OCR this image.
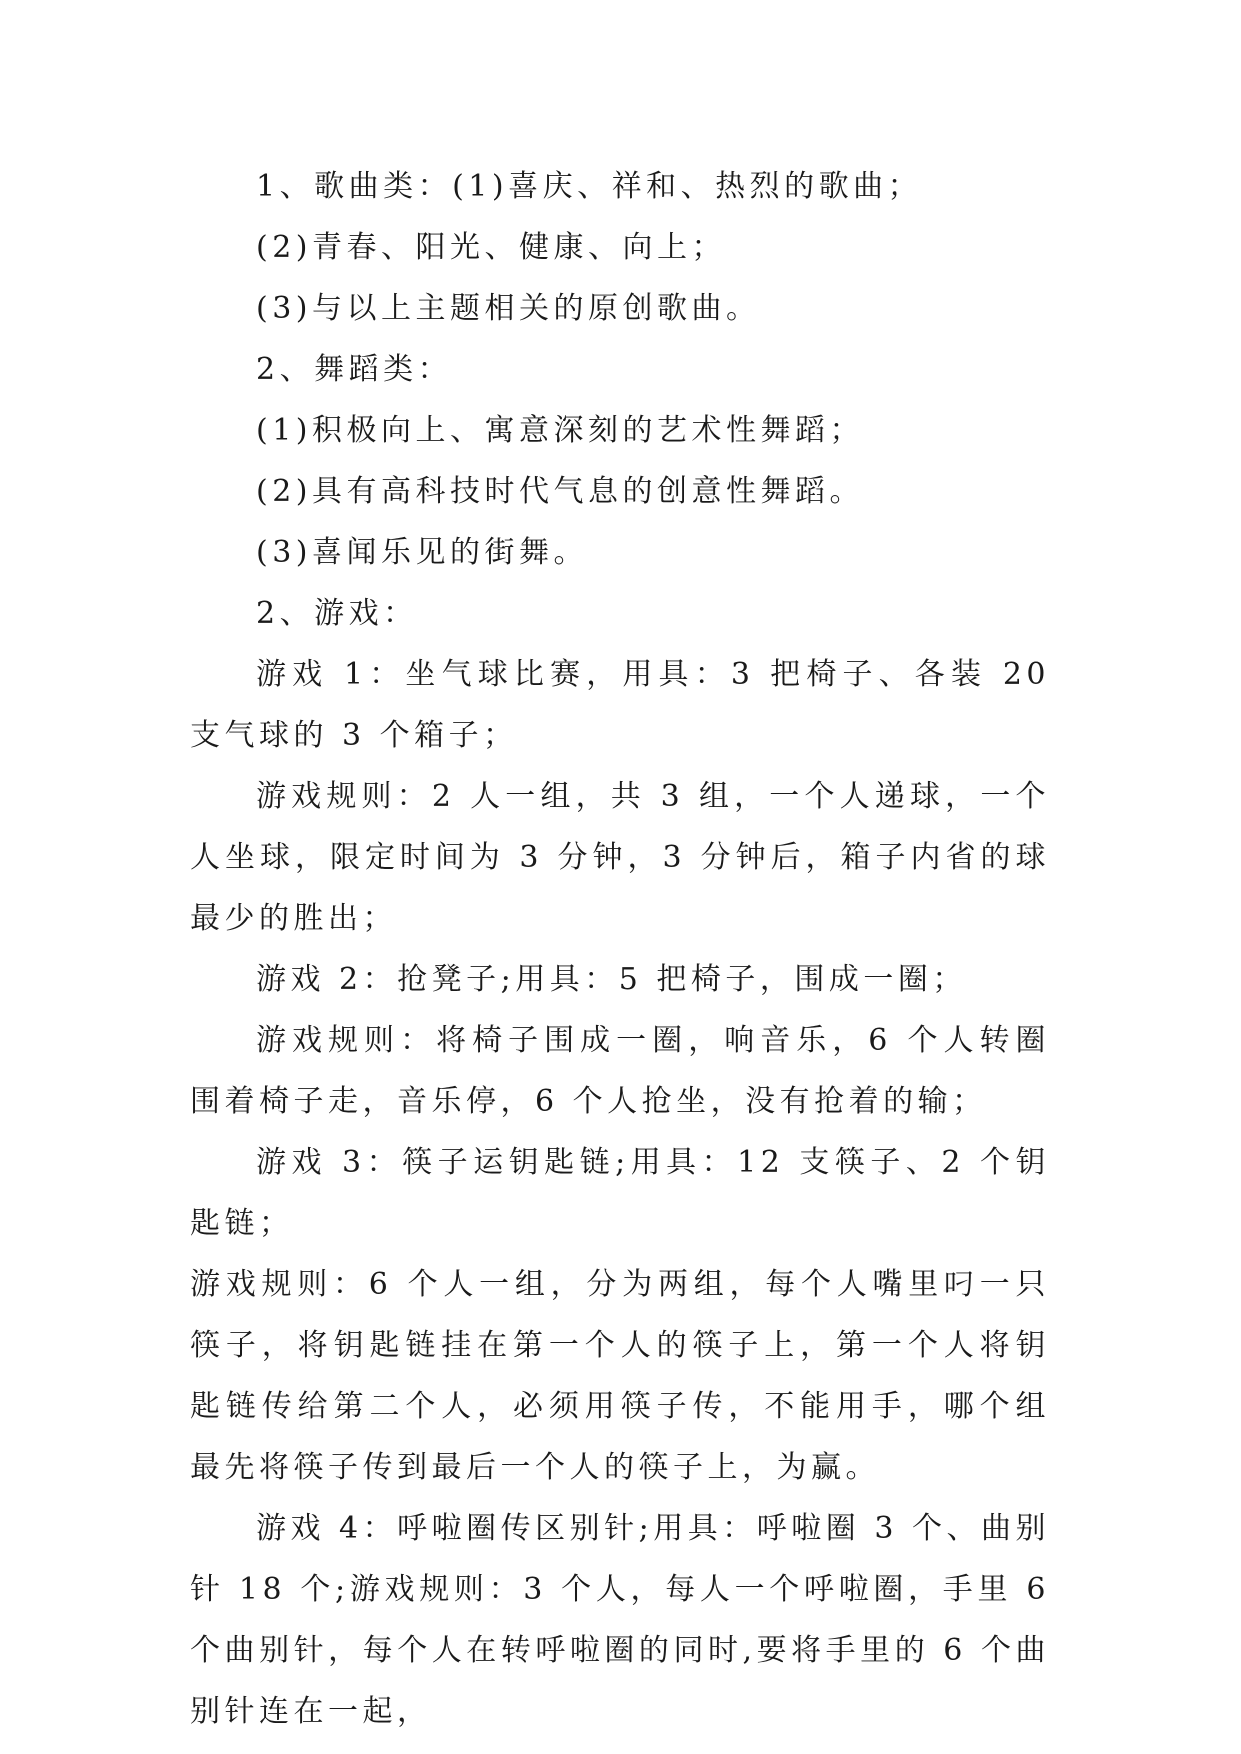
1、歌曲类：(1)喜庆、祥和、热烈的歌曲；

(2)青春、阳光、健康、向上；

(3)与以上主题相关的原创歌曲。

2、舞蹈类：

(1)积极向上、寓意深刻的艺术性舞蹈；

(2)具有高科技时代气息的创意性舞蹈。

(3)喜闻乐见的街舞。

2、游戏：

游戏 1：坐气球比赛，用具：3 把椅子、各装 20 支气球的 3 个箱子；

游戏规则：2 人一组，共 3 组，一个人递球，一个人坐球，限定时间为 3 分钟，3 分钟后，箱子内省的球最少的胜出；

游戏 2：抢凳子;用具：5 把椅子，围成一圈；

游戏规则：将椅子围成一圈，响音乐，6 个人转圈围着椅子走，音乐停，6 个人抢坐，没有抢着的输；

游戏 3：筷子运钥匙链;用具：12 支筷子、2 个钥匙链；

游戏规则：6 个人一组，分为两组，每个人嘴里叼一只筷子，将钥匙链挂在第一个人的筷子上，第一个人将钥匙链传给第二个人，必须用筷子传，不能用手，哪个组最先将筷子传到最后一个人的筷子上，为赢。

游戏 4：呼啦圈传区别针;用具：呼啦圈 3 个、曲别针 18 个;游戏规则：3 个人，每人一个呼啦圈，手里 6 个曲别针，每个人在转呼啦圈的同时,要将手里的 6 个曲别针连在一起，
